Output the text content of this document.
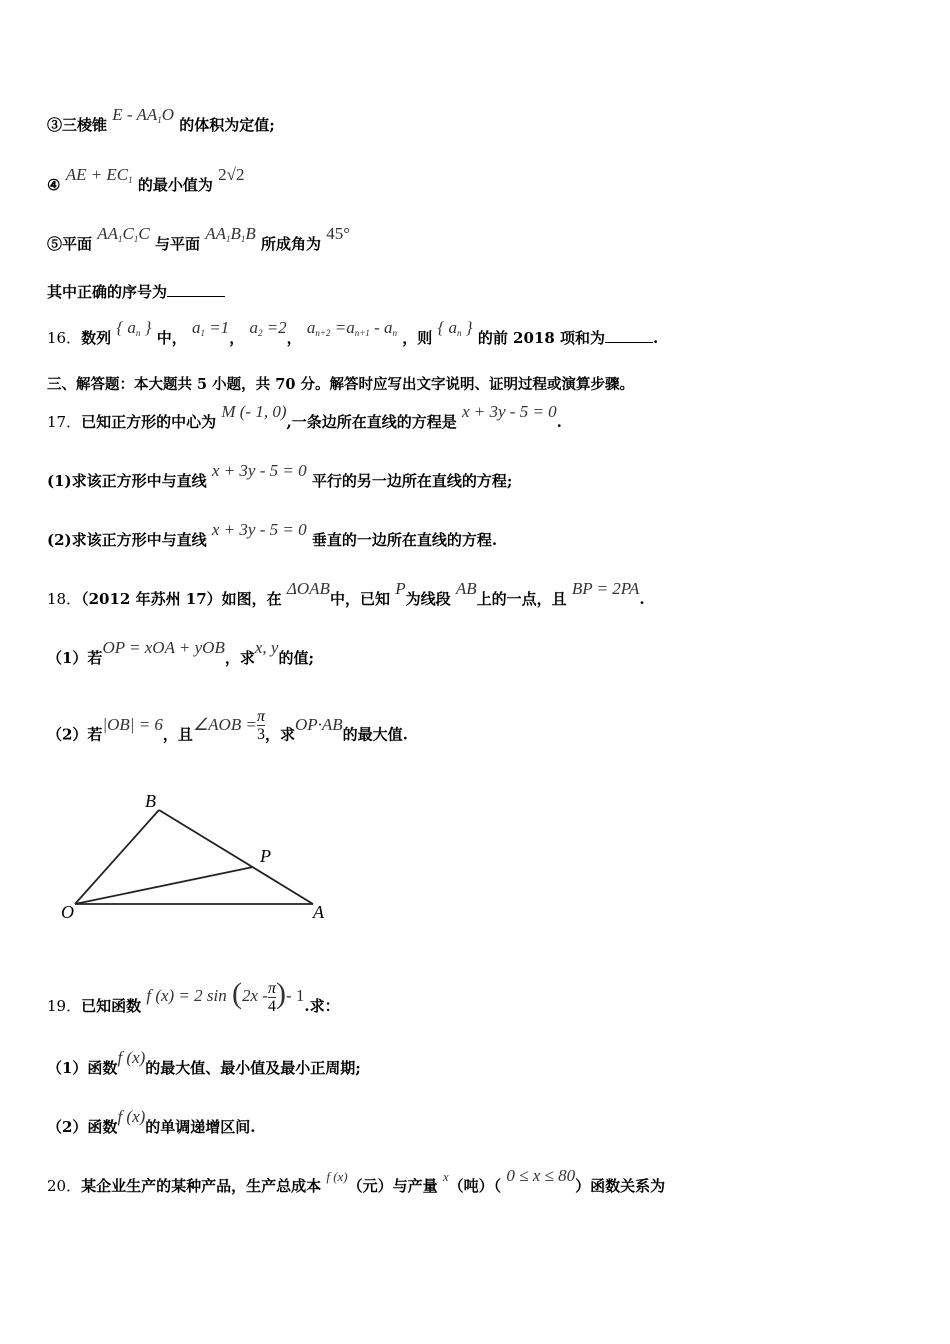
③三棱锥 E - AA1O 的体积为定值;
④ AE + EC1 的最小值为 2√2
⑤平面 AA1C1C 与平面 AA1B1B 所成角为 45°
其中正确的序号为
16．数列 { an } 中， a1 =1， a2 =2， an+2 =an+1 - an ，则 { an } 的前 2018 项和为	.
三、解答题：本大题共 5 小题，共 70 分。解答时应写出文字说明、证明过程或演算步骤。
17．已知正方形的中心为 M (- 1, 0),一条边所在直线的方程是 x + 3y - 5 = 0.
(1)求该正方形中与直线 x + 3y - 5 = 0 平行的另一边所在直线的方程;
(2)求该正方形中与直线 x + 3y - 5 = 0 垂直的一边所在直线的方程.
18．（2012 年苏州 17）如图，在 ΔOAB中，已知 P为线段 AB上的一点，且 BP = 2PA.
（1）若OP = xOA + yOB，求x, y的值;
（2）若|OB| = 6，且∠AOB = $\frac{\pi}{3}$ ，求OP·AB的最大值.
B
P
O	A
19．已知函数 f (x) = 2 $\sin (2x - \frac{\pi}{4}$ )- 1.求：
（1）函数f (x)的最大值、最小值及最小正周期;
（2）函数f (x)的单调递增区间.
20．某企业生产的某种产品，生产总成本 f (x)（元）与产量 x（吨）（ 0 ≤ x ≤ 80）函数关系为
